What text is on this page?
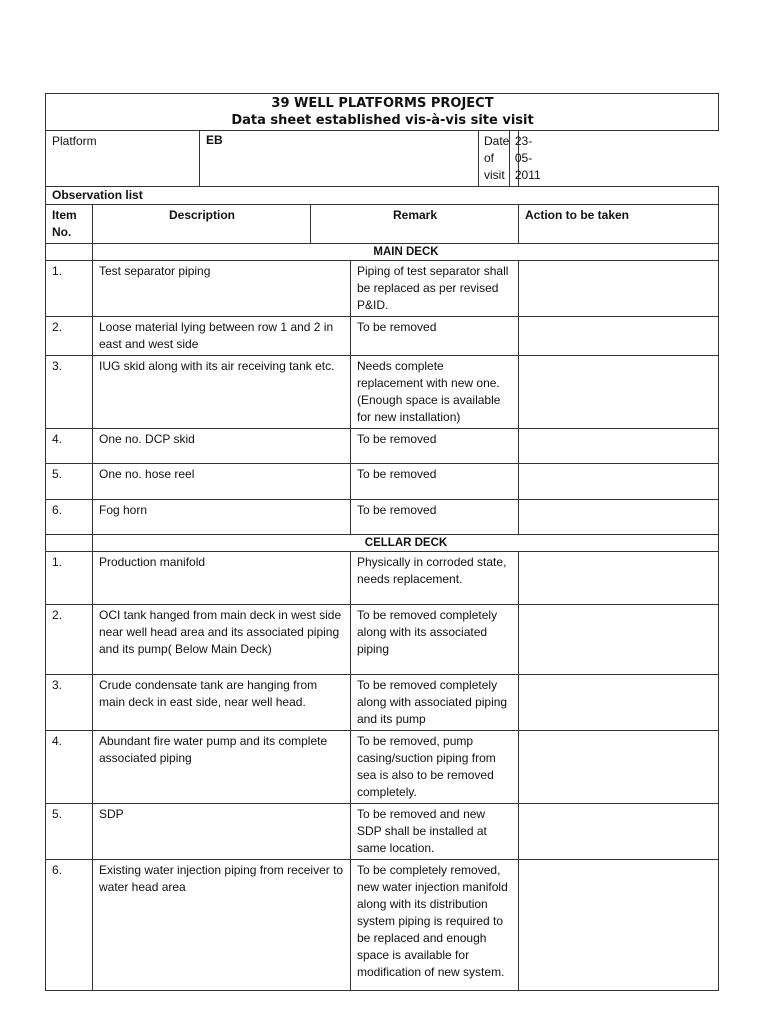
39 WELL PLATFORMS PROJECT
Data sheet established vis-à-vis site visit

Platform	EB		Date of visit	23-05-2011

Observation list
Item No.	Description	Remark	Action to be taken
	MAIN DECK
1.	Test separator piping	Piping of test separator shall be replaced as per revised P&ID.	
2.	Loose material lying between row 1 and 2 in east and west side	To be removed	
3.	IUG skid along with its air receiving tank etc.	Needs complete replacement with new one. (Enough space is available for new installation)	
4.	One no. DCP skid	To be removed	
5.	One no. hose reel	To be removed	
6.	Fog horn	To be removed	
	CELLAR DECK
1.	Production manifold	Physically in corroded state, needs replacement.	
2.	OCI tank hanged from main deck in west side near well head area and its associated piping and its pump( Below Main Deck)	To be removed completely along with its associated piping	
3.	Crude condensate tank are hanging from main deck in east side, near well head.	To be removed completely along with associated piping and its pump	
4.	Abundant fire water pump and its complete associated piping	To be removed, pump casing/suction piping from sea is also to be removed completely.	
5.	SDP	To be removed and new SDP shall be installed at same location.	
6.	Existing water injection piping from receiver to water head area	To be completely removed, new water injection manifold along with its distribution system piping is required to be replaced and enough space is available for modification of new system.	
